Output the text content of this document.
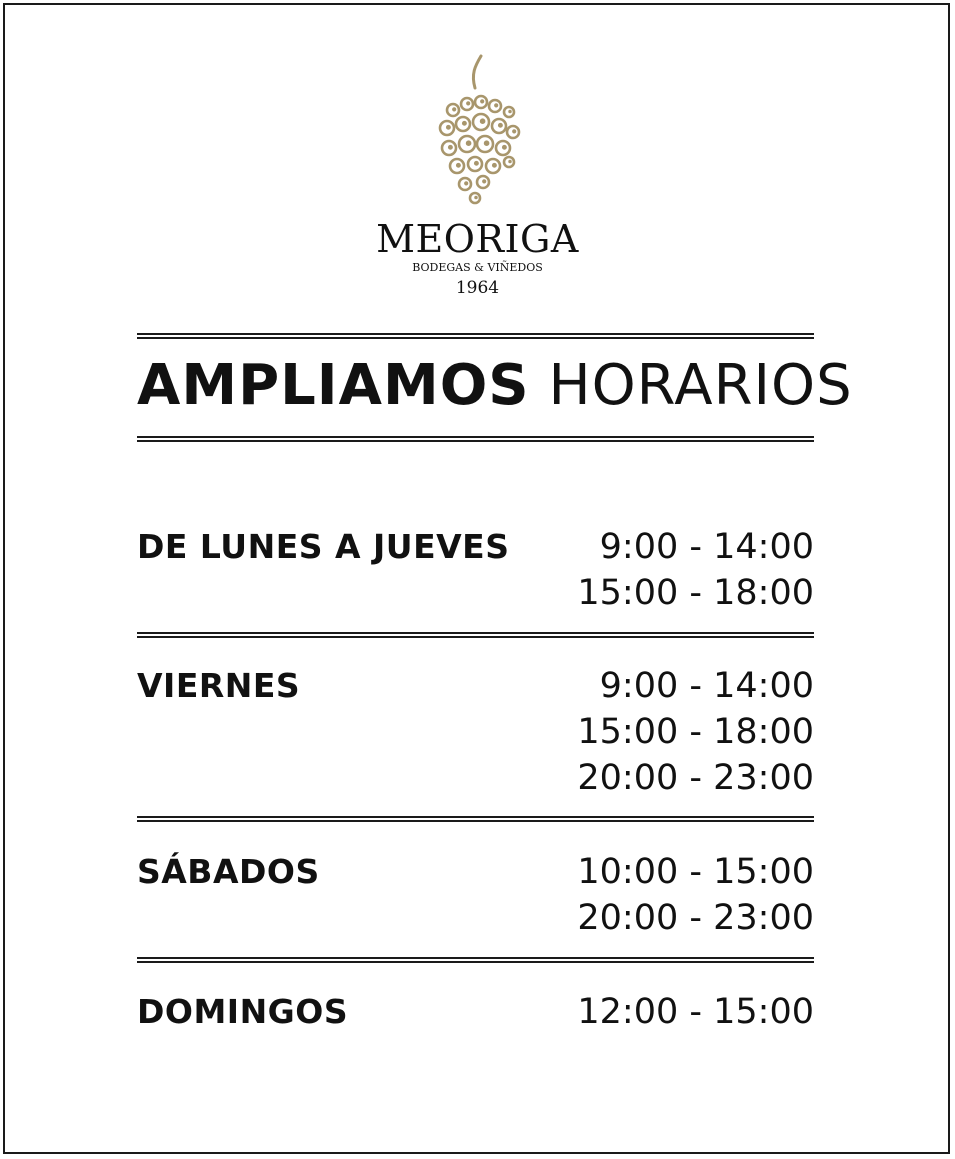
MEORIGA
BODEGAS & VIÑEDOS
1964
AMPLIAMOS HORARIOS
DE LUNES A JUEVES	9:00 - 14:00
15:00 - 18:00
VIERNES	9:00 - 14:00
15:00 - 18:00
20:00 - 23:00
SÁBADOS	10:00 - 15:00
20:00 - 23:00
DOMINGOS	12:00 - 15:00
